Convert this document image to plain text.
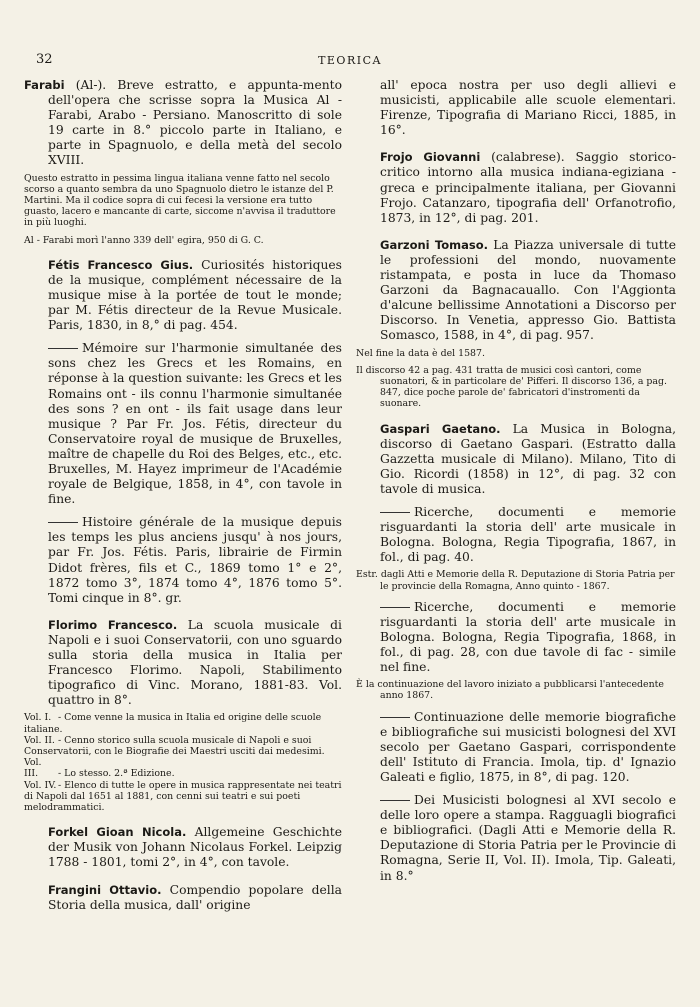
32	TEORICA
Farabi (Al-). Breve estratto, e appunta-mento dell'opera che scrisse sopra la Musica Al - Farabi, Arabo - Persiano. Manoscritto di sole 19 carte in 8.° piccolo parte in Italiano, e parte in Spagnuolo, e della metà del secolo XVIII.
Questo estratto in pessima lingua italiana venne fatto nel secolo scorso a quanto sembra da uno Spagnuolo dietro le istanze del P. Martini. Ma il codice sopra di cui fecesi la versione era tutto guasto, lacero e mancante di carte, siccome n'avvisa il traduttore in più luoghi.
Al - Farabi morì l'anno 339 dell' egira, 950 di G. C.
Fétis Francesco Gius. Curiosités historiques de la musique, complément nécessaire de la musique mise à la portée de tout le monde; par M. Fétis directeur de la Revue Musicale. Paris, 1830, in 8,° di pag. 454.
Mémoire sur l'harmonie simultanée des sons chez les Grecs et les Romains, en réponse à la question suivante: les Grecs et les Romains ont - ils connu l'harmonie simultanée des sons ? en ont - ils fait usage dans leur musique ? Par Fr. Jos. Fétis, directeur du Conservatoire royal de musique de Bruxelles, maître de chapelle du Roi des Belges, etc., etc. Bruxelles, M. Hayez imprimeur de l'Académie royale de Belgique, 1858, in 4°, con tavole in fine.
Histoire générale de la musique depuis les temps les plus anciens jusqu' à nos jours, par Fr. Jos. Fétis. Paris, librairie de Firmin Didot frères, fils et C., 1869 tomo 1° e 2°, 1872 tomo 3°, 1874 tomo 4°, 1876 tomo 5°. Tomi cinque in 8°. gr.
Florimo Francesco. La scuola musicale di Napoli e i suoi Conservatorii, con uno sguardo sulla storia della musica in Italia per Francesco Florimo. Napoli, Stabilimento tipografico di Vinc. Morano, 1881-83. Vol. quattro in 8°.
Vol. I. - Come venne la musica in Italia ed origine delle scuole italiane.
Vol. II. - Cenno storico sulla scuola musicale di Napoli e suoi Conservatorii, con le Biografie dei Maestri usciti dai medesimi.
Vol. III. - Lo stesso. 2.ª Edizione.
Vol. IV. - Elenco di tutte le opere in musica rappresentate nei teatri di Napoli dal 1651 al 1881, con cenni sui teatri e sui poeti melodrammatici.
Forkel Gioan Nicola. Allgemeine Geschichte der Musik von Johann Nicolaus Forkel. Leipzig 1788 - 1801, tomi 2°, in 4°, con tavole.
Frangini Ottavio. Compendio popolare della Storia della musica, dall' origine
all' epoca nostra per uso degli allievi e musicisti, applicabile alle scuole elementari. Firenze, Tipografia di Mariano Ricci, 1885, in 16°.
Frojo Giovanni (calabrese). Saggio storico- critico intorno alla musica indiana-egiziana - greca e principalmente italiana, per Giovanni Frojo. Catanzaro, tipografia dell' Orfanotrofio, 1873, in 12°, di pag. 201.
Garzoni Tomaso. La Piazza universale di tutte le professioni del mondo, nuovamente ristampata, e posta in luce da Thomaso Garzoni da Bagnacauallo. Con l'Aggionta d'alcune bellissime Annotationi a Discorso per Discorso. In Venetia, appresso Gio. Battista Somasco, 1588, in 4°, di pag. 957.
Nel fine la data è del 1587.
Il discorso 42 a pag. 431 tratta de musici così cantori, come suonatori, & in particolare de' Pifferi. Il discorso 136, a pag. 847, dice poche parole de' fabricatori d'instromenti da suonare.
Gaspari Gaetano. La Musica in Bologna, discorso di Gaetano Gaspari. (Estratto dalla Gazzetta musicale di Milano). Milano, Tito di Gio. Ricordi (1858) in 12°, di pag. 32 con tavole di musica.
Ricerche, documenti e memorie risguardanti la storia dell' arte musicale in Bologna. Bologna, Regia Tipografia, 1867, in fol., di pag. 40.
Estr. dagli Atti e Memorie della R. Deputazione di Storia Patria per le provincie della Romagna, Anno quinto - 1867.
Ricerche, documenti e memorie risguardanti la storia dell' arte musicale in Bologna. Bologna, Regia Tipografia, 1868, in fol., di pag. 28, con due tavole di fac - simile nel fine.
È la continuazione del lavoro iniziato a pubblicarsi l'antecedente anno 1867.
Continuazione delle memorie biografiche e bibliografiche sui musicisti bolognesi del XVI secolo per Gaetano Gaspari, corrispondente dell' Istituto di Francia. Imola, tip. d' Ignazio Galeati e figlio, 1875, in 8°, di pag. 120.
Dei Musicisti bolognesi al XVI secolo e delle loro opere a stampa. Ragguagli biografici e bibliografici. (Dagli Atti e Memorie della R. Deputazione di Storia Patria per le Provincie di Romagna, Serie II, Vol. II). Imola, Tip. Galeati, in 8.°
